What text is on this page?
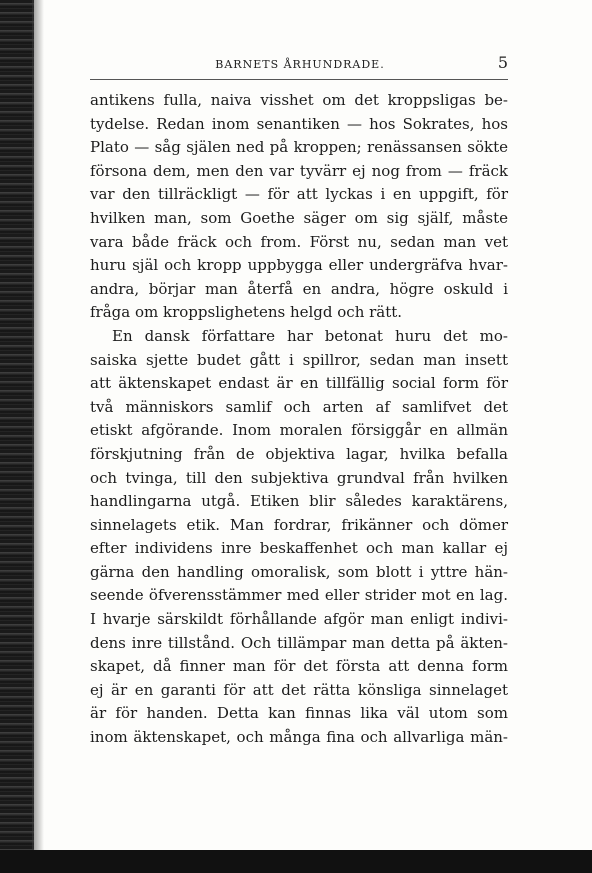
BARNETS ÅRHUNDRADE.	5
antikens fulla, naiva visshet om det kroppsligas be-
tydelse. Redan inom senantiken — hos Sokrates, hos
Plato — såg själen ned på kroppen; renässansen sökte
försona dem, men den var tyvärr ej nog from — fräck
var den tillräckligt — för att lyckas i en uppgift, för
hvilken man, som Goethe säger om sig själf, måste
vara både fräck och from. Först nu, sedan man vet
huru själ och kropp uppbygga eller undergräfva hvar-
andra, börjar man återfå en andra, högre oskuld i
fråga om kroppslighetens helgd och rätt.
En dansk författare har betonat huru det mo-
saiska sjette budet gått i spillror, sedan man insett
att äktenskapet endast är en tillfällig social form för
två människors samlif och arten af samlifvet det
etiskt afgörande. Inom moralen försiggår en allmän
förskjutning från de objektiva lagar, hvilka befalla
och tvinga, till den subjektiva grundval från hvilken
handlingarna utgå. Etiken blir således karaktärens,
sinnelagets etik. Man fordrar, frikänner och dömer
efter individens inre beskaffenhet och man kallar ej
gärna den handling omoralisk, som blott i yttre hän-
seende öfverensstämmer med eller strider mot en lag.
I hvarje särskildt förhållande afgör man enligt indivi-
dens inre tillstånd. Och tillämpar man detta på äkten-
skapet, då finner man för det första att denna form
ej är en garanti för att det rätta könsliga sinnelaget
är för handen. Detta kan finnas lika väl utom som
inom äktenskapet, och många fina och allvarliga män-
